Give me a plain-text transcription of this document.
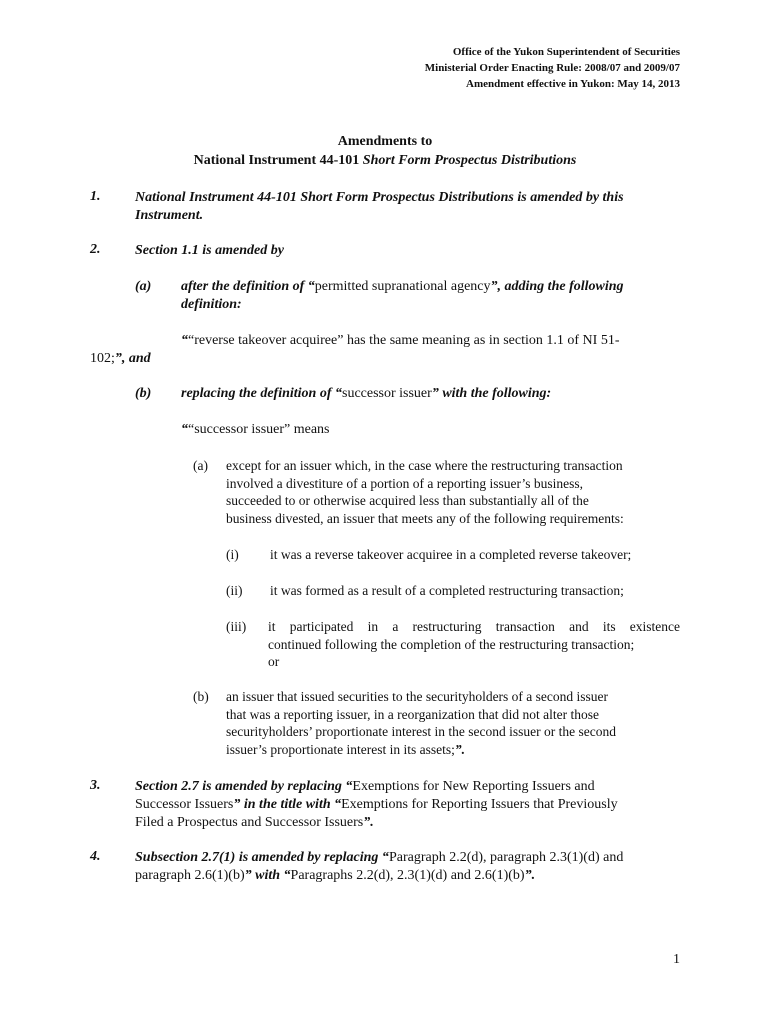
Office of the Yukon Superintendent of Securities
Ministerial Order Enacting Rule: 2008/07 and 2009/07
Amendment effective in Yukon: May 14, 2013
Amendments to
National Instrument 44-101 Short Form Prospectus Distributions
1. National Instrument 44-101 Short Form Prospectus Distributions is amended by this
Instrument.
2. Section 1.1 is amended by
(a) after the definition of “permitted supranational agency”, adding the following
definition:
““reverse takeover acquiree” has the same meaning as in section 1.1 of NI 51-
102;”, and
(b) replacing the definition of “successor issuer” with the following:
““successor issuer” means
(a) except for an issuer which, in the case where the restructuring transaction
involved a divestiture of a portion of a reporting issuer’s business,
succeeded to or otherwise acquired less than substantially all of the
business divested, an issuer that meets any of the following requirements:
(i) it was a reverse takeover acquiree in a completed reverse takeover;
(ii) it was formed as a result of a completed restructuring transaction;
(iii) it participated in a restructuring transaction and its existence
continued following the completion of the restructuring transaction;
or
(b) an issuer that issued securities to the securityholders of a second issuer
that was a reporting issuer, in a reorganization that did not alter those
securityholders’ proportionate interest in the second issuer or the second
issuer’s proportionate interest in its assets;”.
3. Section 2.7 is amended by replacing “Exemptions for New Reporting Issuers and
Successor Issuers” in the title with “Exemptions for Reporting Issuers that Previously
Filed a Prospectus and Successor Issuers”.
4. Subsection 2.7(1) is amended by replacing “Paragraph 2.2(d), paragraph 2.3(1)(d) and
paragraph 2.6(1)(b)” with “Paragraphs 2.2(d), 2.3(1)(d) and 2.6(1)(b)”.
1
